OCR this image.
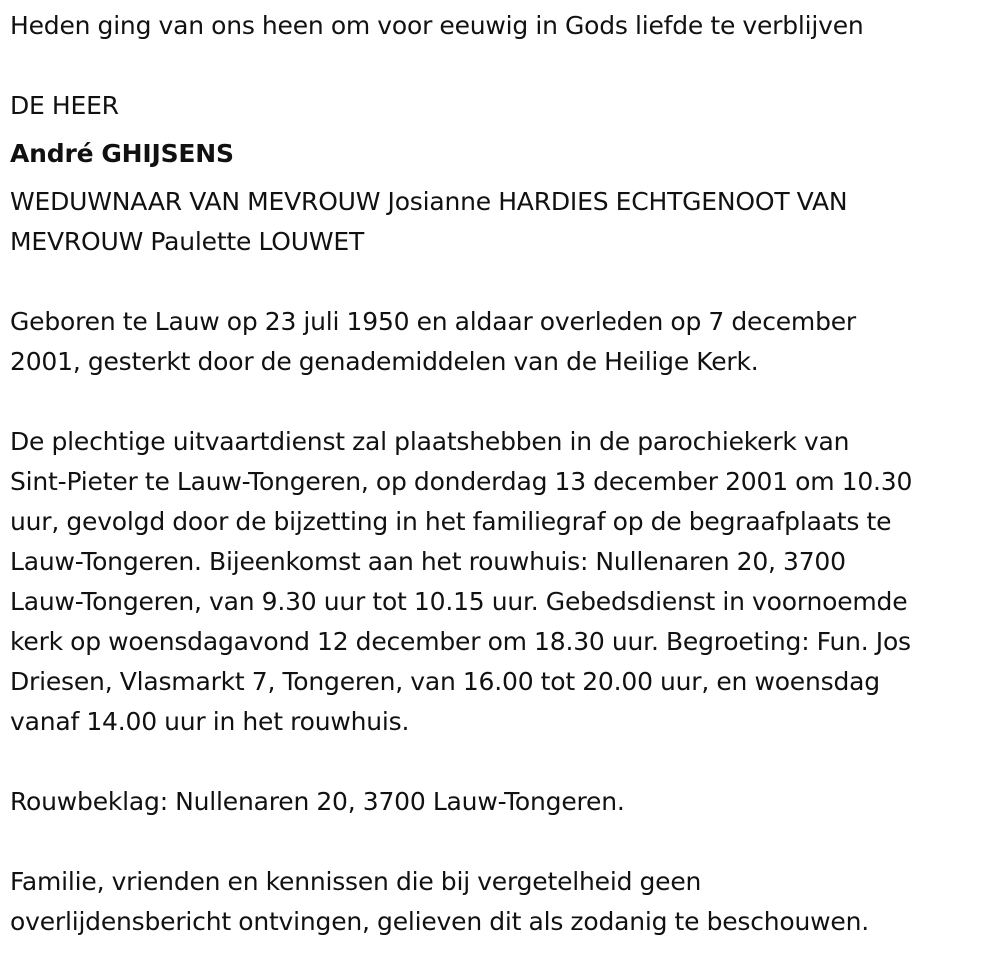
Heden ging van ons heen om voor eeuwig in Gods liefde te verblijven
DE HEER
André GHIJSENS
WEDUWNAAR VAN MEVROUW Josianne HARDIES ECHTGENOOT VAN
MEVROUW Paulette LOUWET
Geboren te Lauw op 23 juli 1950 en aldaar overleden op 7 december
2001, gesterkt door de genademiddelen van de Heilige Kerk.
De plechtige uitvaartdienst zal plaatshebben in de parochiekerk van
Sint-Pieter te Lauw-Tongeren, op donderdag 13 december 2001 om 10.30
uur, gevolgd door de bijzetting in het familiegraf op de begraafplaats te
Lauw-Tongeren. Bijeenkomst aan het rouwhuis: Nullenaren 20, 3700
Lauw-Tongeren, van 9.30 uur tot 10.15 uur. Gebedsdienst in voornoemde
kerk op woensdagavond 12 december om 18.30 uur. Begroeting: Fun. Jos
Driesen, Vlasmarkt 7, Tongeren, van 16.00 tot 20.00 uur, en woensdag
vanaf 14.00 uur in het rouwhuis.
Rouwbeklag: Nullenaren 20, 3700 Lauw-Tongeren.
Familie, vrienden en kennissen die bij vergetelheid geen
overlijdensbericht ontvingen, gelieven dit als zodanig te beschouwen.
